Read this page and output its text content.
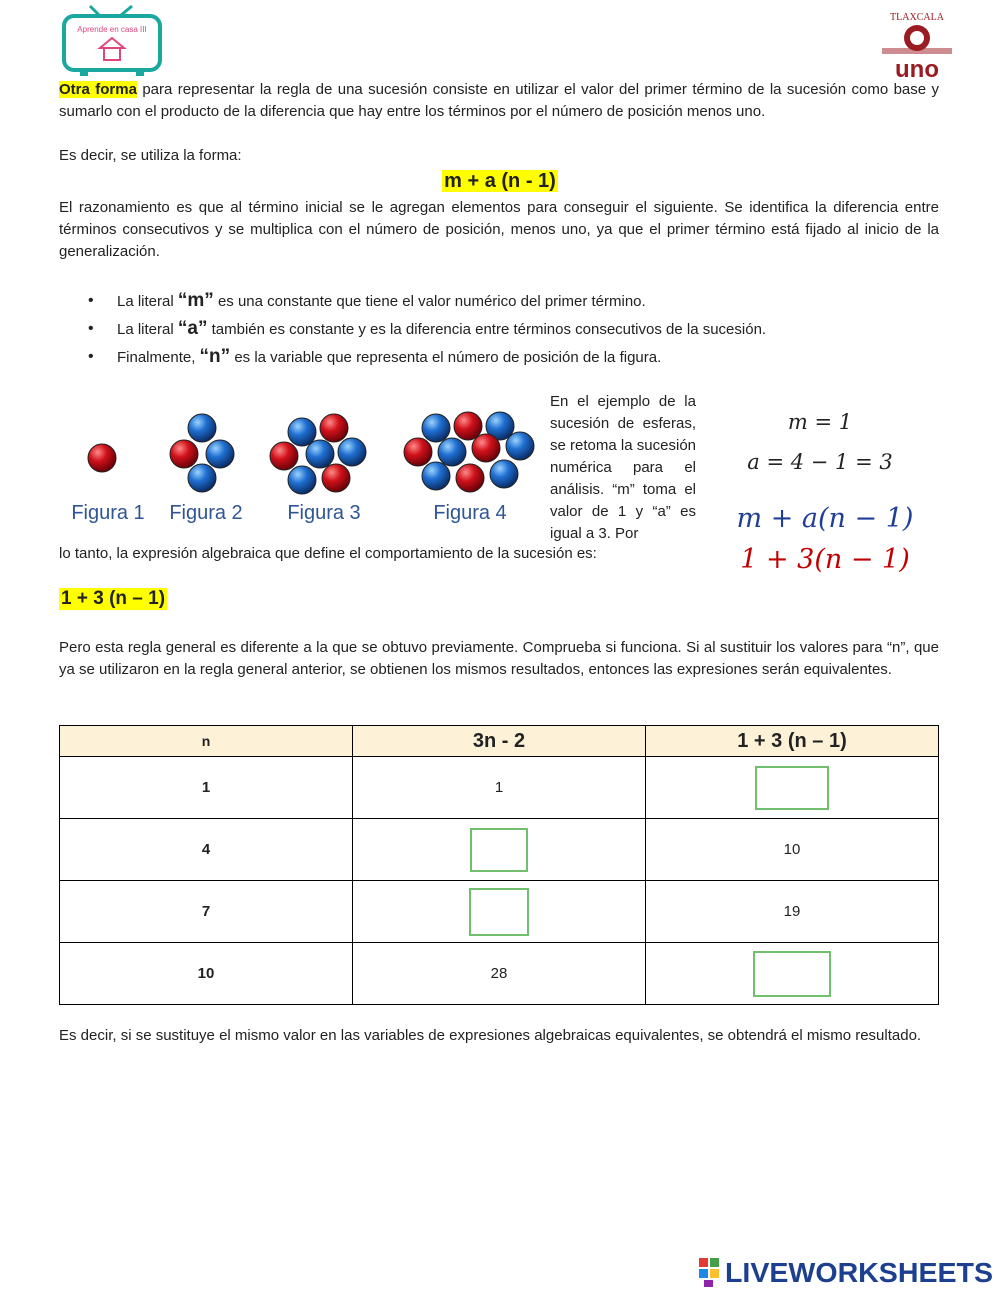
Aprende en casa III
TLAXCALA
uno
Otra forma para representar la regla de una sucesión consiste en utilizar el valor del primer término de la sucesión como base y sumarlo con el producto de la diferencia que hay entre los términos por el número de posición menos uno.
Es decir, se utiliza la forma:
m + a (n - 1)
El razonamiento es que al término inicial se le agregan elementos para conseguir el siguiente. Se identifica la diferencia entre términos consecutivos y se multiplica con el número de posición, menos uno, ya que el primer término está fijado al inicio de la generalización.
• La literal “m” es una constante que tiene el valor numérico del primer término.
• La literal “a” también es constante y es la diferencia entre términos consecutivos de la sucesión.
• Finalmente, “n” es la variable que representa el número de posición de la figura.
Figura 1	Figura 2	Figura 3	Figura 4
En el ejemplo de la sucesión de esferas, se retoma la sucesión numérica para el análisis. “m” toma el valor de 1 y “a” es igual a 3. Por
lo tanto, la expresión algebraica que define el comportamiento de la sucesión es:
m = 1
a = 4 − 1 = 3
m + a(n − 1)
1 + 3(n − 1)
1 + 3 (n – 1)
Pero esta regla general es diferente a la que se obtuvo previamente. Comprueba si funciona. Si al sustituir los valores para “n”, que ya se utilizaron en la regla general anterior, se obtienen los mismos resultados, entonces las expresiones serán equivalentes.
n	3n - 2	1 + 3 (n – 1)
1	1	
4		10
7		19
10	28	
Es decir, si se sustituye el mismo valor en las variables de expresiones algebraicas equivalentes, se obtendrá el mismo resultado.
LIVEWORKSHEETS
